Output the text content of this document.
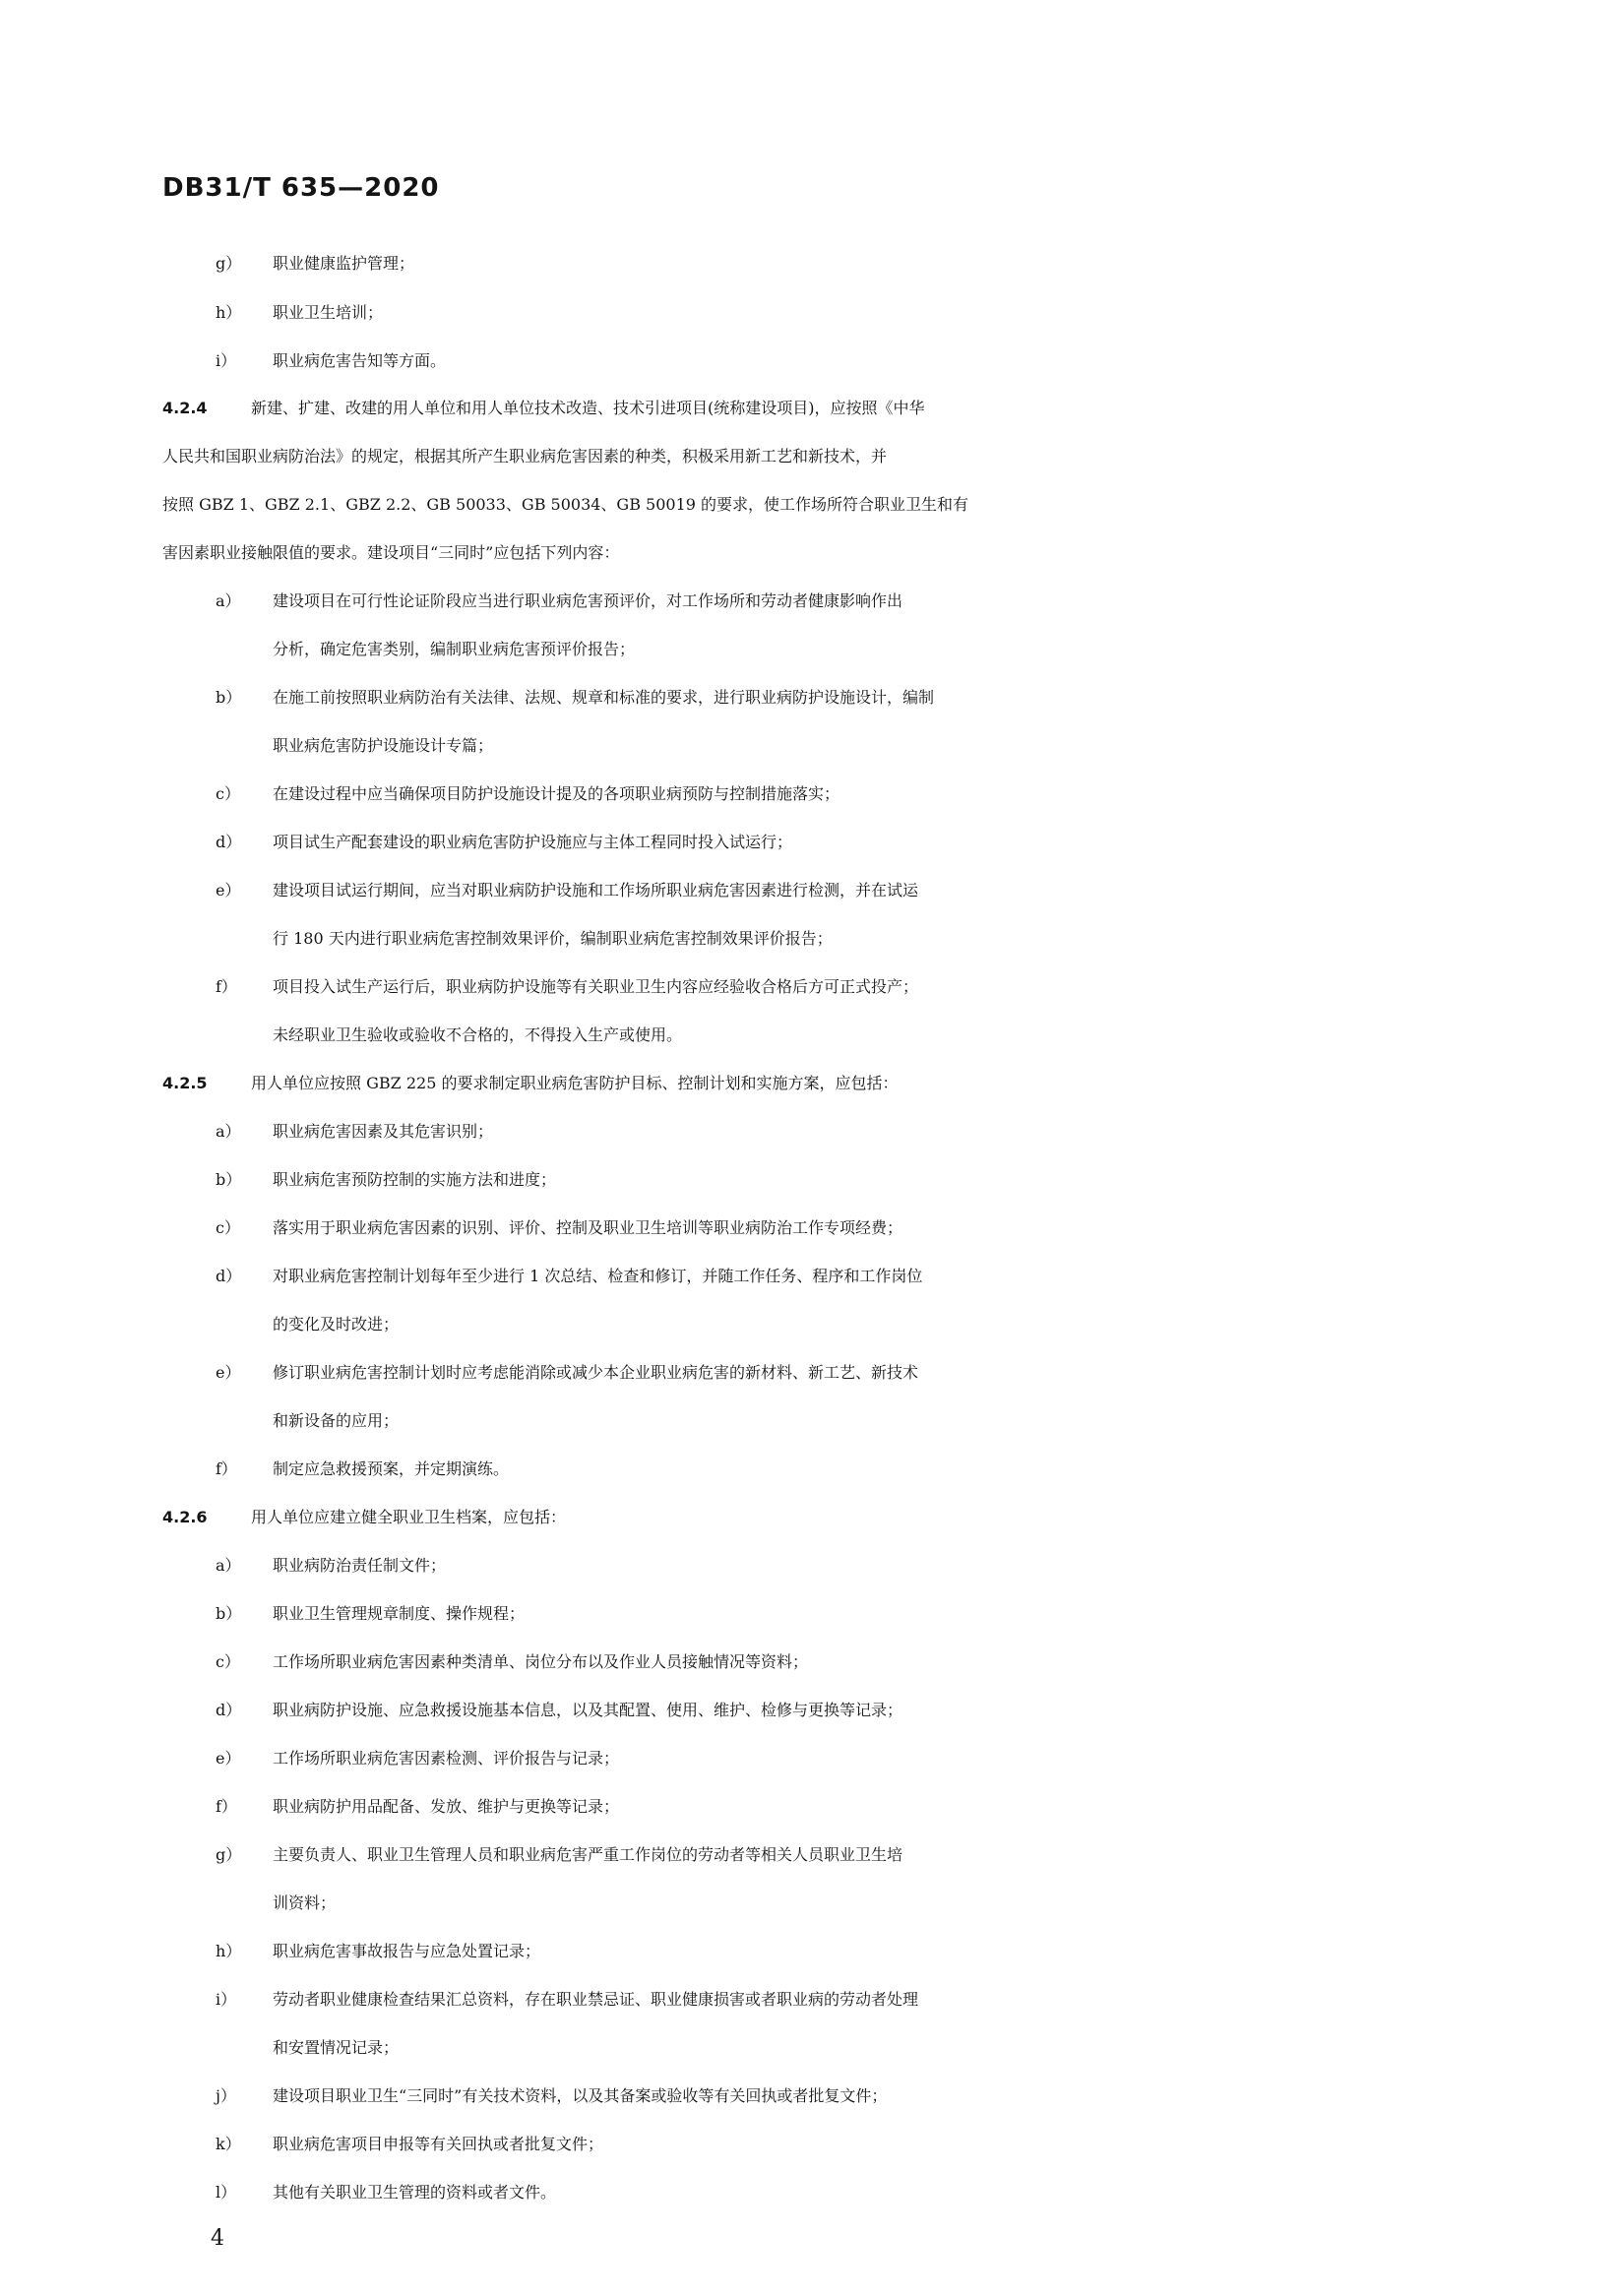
DB31/T 635—2020
g） 职业健康监护管理；
h） 职业卫生培训；
i） 职业病危害告知等方面。
4.2.4	新建、扩建、改建的用人单位和用人单位技术改造、技术引进项目(统称建设项目)，应按照《中华
人民共和国职业病防治法》的规定，根据其所产生职业病危害因素的种类，积极采用新工艺和新技术，并
按照 GBZ 1、GBZ 2.1、GBZ 2.2、GB 50033、GB 50034、GB 50019 的要求，使工作场所符合职业卫生和有
害因素职业接触限值的要求。建设项目“三同时”应包括下列内容：
a） 建设项目在可行性论证阶段应当进行职业病危害预评价，对工作场所和劳动者健康影响作出
分析，确定危害类别，编制职业病危害预评价报告；
b） 在施工前按照职业病防治有关法律、法规、规章和标准的要求，进行职业病防护设施设计，编制
职业病危害防护设施设计专篇；
c） 在建设过程中应当确保项目防护设施设计提及的各项职业病预防与控制措施落实；
d） 项目试生产配套建设的职业病危害防护设施应与主体工程同时投入试运行；
e） 建设项目试运行期间，应当对职业病防护设施和工作场所职业病危害因素进行检测，并在试运
行 180 天内进行职业病危害控制效果评价，编制职业病危害控制效果评价报告；
f） 项目投入试生产运行后，职业病防护设施等有关职业卫生内容应经验收合格后方可正式投产；
未经职业卫生验收或验收不合格的，不得投入生产或使用。
4.2.5	用人单位应按照 GBZ 225 的要求制定职业病危害防护目标、控制计划和实施方案，应包括：
a） 职业病危害因素及其危害识别；
b） 职业病危害预防控制的实施方法和进度；
c） 落实用于职业病危害因素的识别、评价、控制及职业卫生培训等职业病防治工作专项经费；
d） 对职业病危害控制计划每年至少进行 1 次总结、检查和修订，并随工作任务、程序和工作岗位
的变化及时改进；
e） 修订职业病危害控制计划时应考虑能消除或减少本企业职业病危害的新材料、新工艺、新技术
和新设备的应用；
f） 制定应急救援预案，并定期演练。
4.2.6	用人单位应建立健全职业卫生档案，应包括：
a） 职业病防治责任制文件；
b） 职业卫生管理规章制度、操作规程；
c） 工作场所职业病危害因素种类清单、岗位分布以及作业人员接触情况等资料；
d） 职业病防护设施、应急救援设施基本信息，以及其配置、使用、维护、检修与更换等记录；
e） 工作场所职业病危害因素检测、评价报告与记录；
f） 职业病防护用品配备、发放、维护与更换等记录；
g） 主要负责人、职业卫生管理人员和职业病危害严重工作岗位的劳动者等相关人员职业卫生培
训资料；
h） 职业病危害事故报告与应急处置记录；
i） 劳动者职业健康检查结果汇总资料，存在职业禁忌证、职业健康损害或者职业病的劳动者处理
和安置情况记录；
j） 建设项目职业卫生“三同时”有关技术资料，以及其备案或验收等有关回执或者批复文件；
k） 职业病危害项目申报等有关回执或者批复文件；
l） 其他有关职业卫生管理的资料或者文件。
4
